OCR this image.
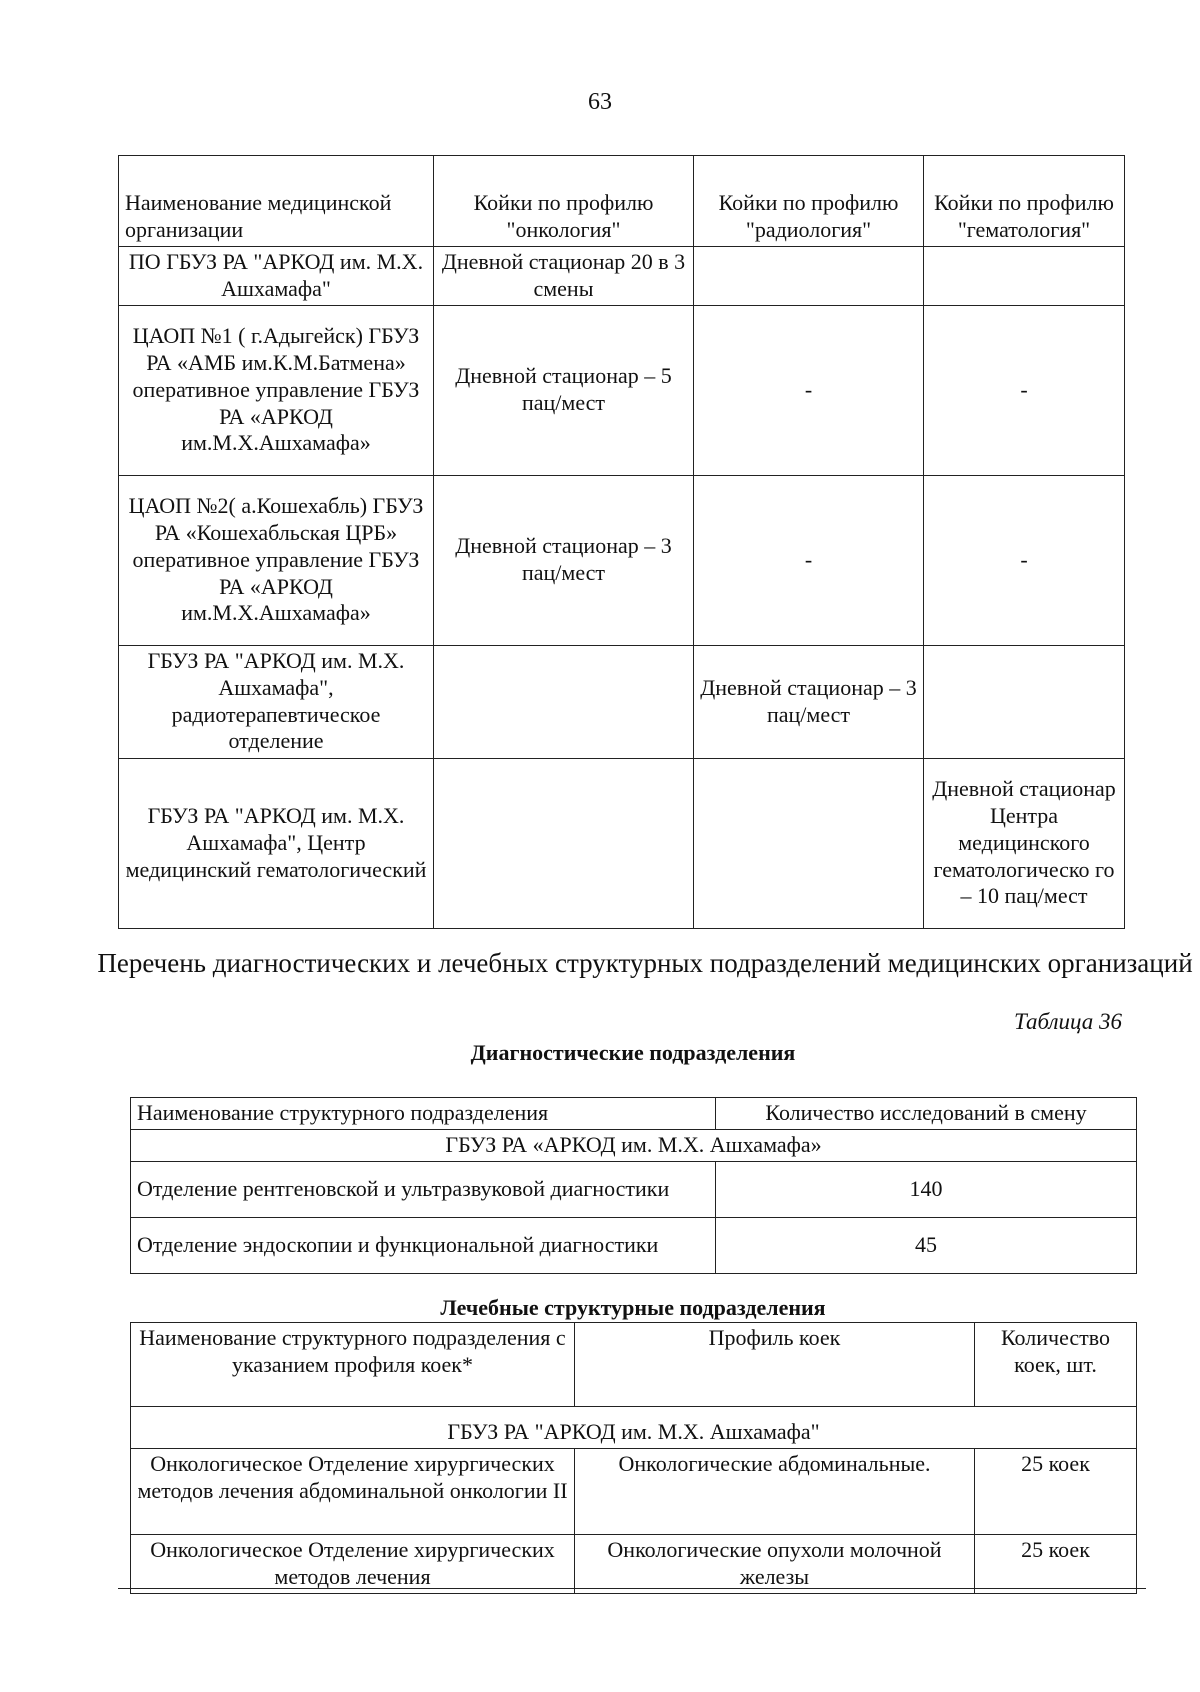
63
Наименование медицинской организации	Койки по профилю "онкология"	Койки по профилю "радиология"	Койки по профилю "гематология"
ПО ГБУЗ РА "АРКОД им. М.Х. Ашхамафа"	Дневной стационар 20 в 3 смены		
ЦАОП №1 ( г.Адыгейск) ГБУЗ РА «АМБ им.К.М.Батмена» оперативное управление ГБУЗ РА «АРКОД им.М.Х.Ашхамафа»	Дневной стационар – 5 пац/мест	-	-
ЦАОП №2( а.Кошехабль) ГБУЗ РА «Кошехабльская ЦРБ» оперативное управление ГБУЗ РА «АРКОД им.М.Х.Ашхамафа»	Дневной стационар – 3 пац/мест	-	-
ГБУЗ РА "АРКОД им. М.Х. Ашхамафа", радиотерапевтическое отделение		Дневной стационар – 3 пац/мест	
ГБУЗ РА "АРКОД им. М.Х. Ашхамафа", Центр медицинский гематологический			Дневной стационар Центра медицинского гематологическо го – 10 пац/мест
Перечень диагностических и лечебных структурных подразделений медицинских организаций
Таблица 36
Диагностические подразделения
Наименование структурного подразделения	Количество исследований в смену
ГБУЗ РА «АРКОД им. М.Х. Ашхамафа»	
Отделение рентгеновской и ультразвуковой диагностики	140
Отделение эндоскопии и функциональной диагностики	45
Лечебные структурные подразделения
Наименование структурного подразделения с указанием профиля коек*	Профиль коек	Количество коек, шт.
ГБУЗ РА "АРКОД им. М.Х. Ашхамафа"		
Онкологическое Отделение хирургических методов лечения абдоминальной онкологии II	Онкологические абдоминальные.	25 коек
Онкологическое Отделение хирургических методов лечения	Онкологические опухоли молочной железы	25 коек
